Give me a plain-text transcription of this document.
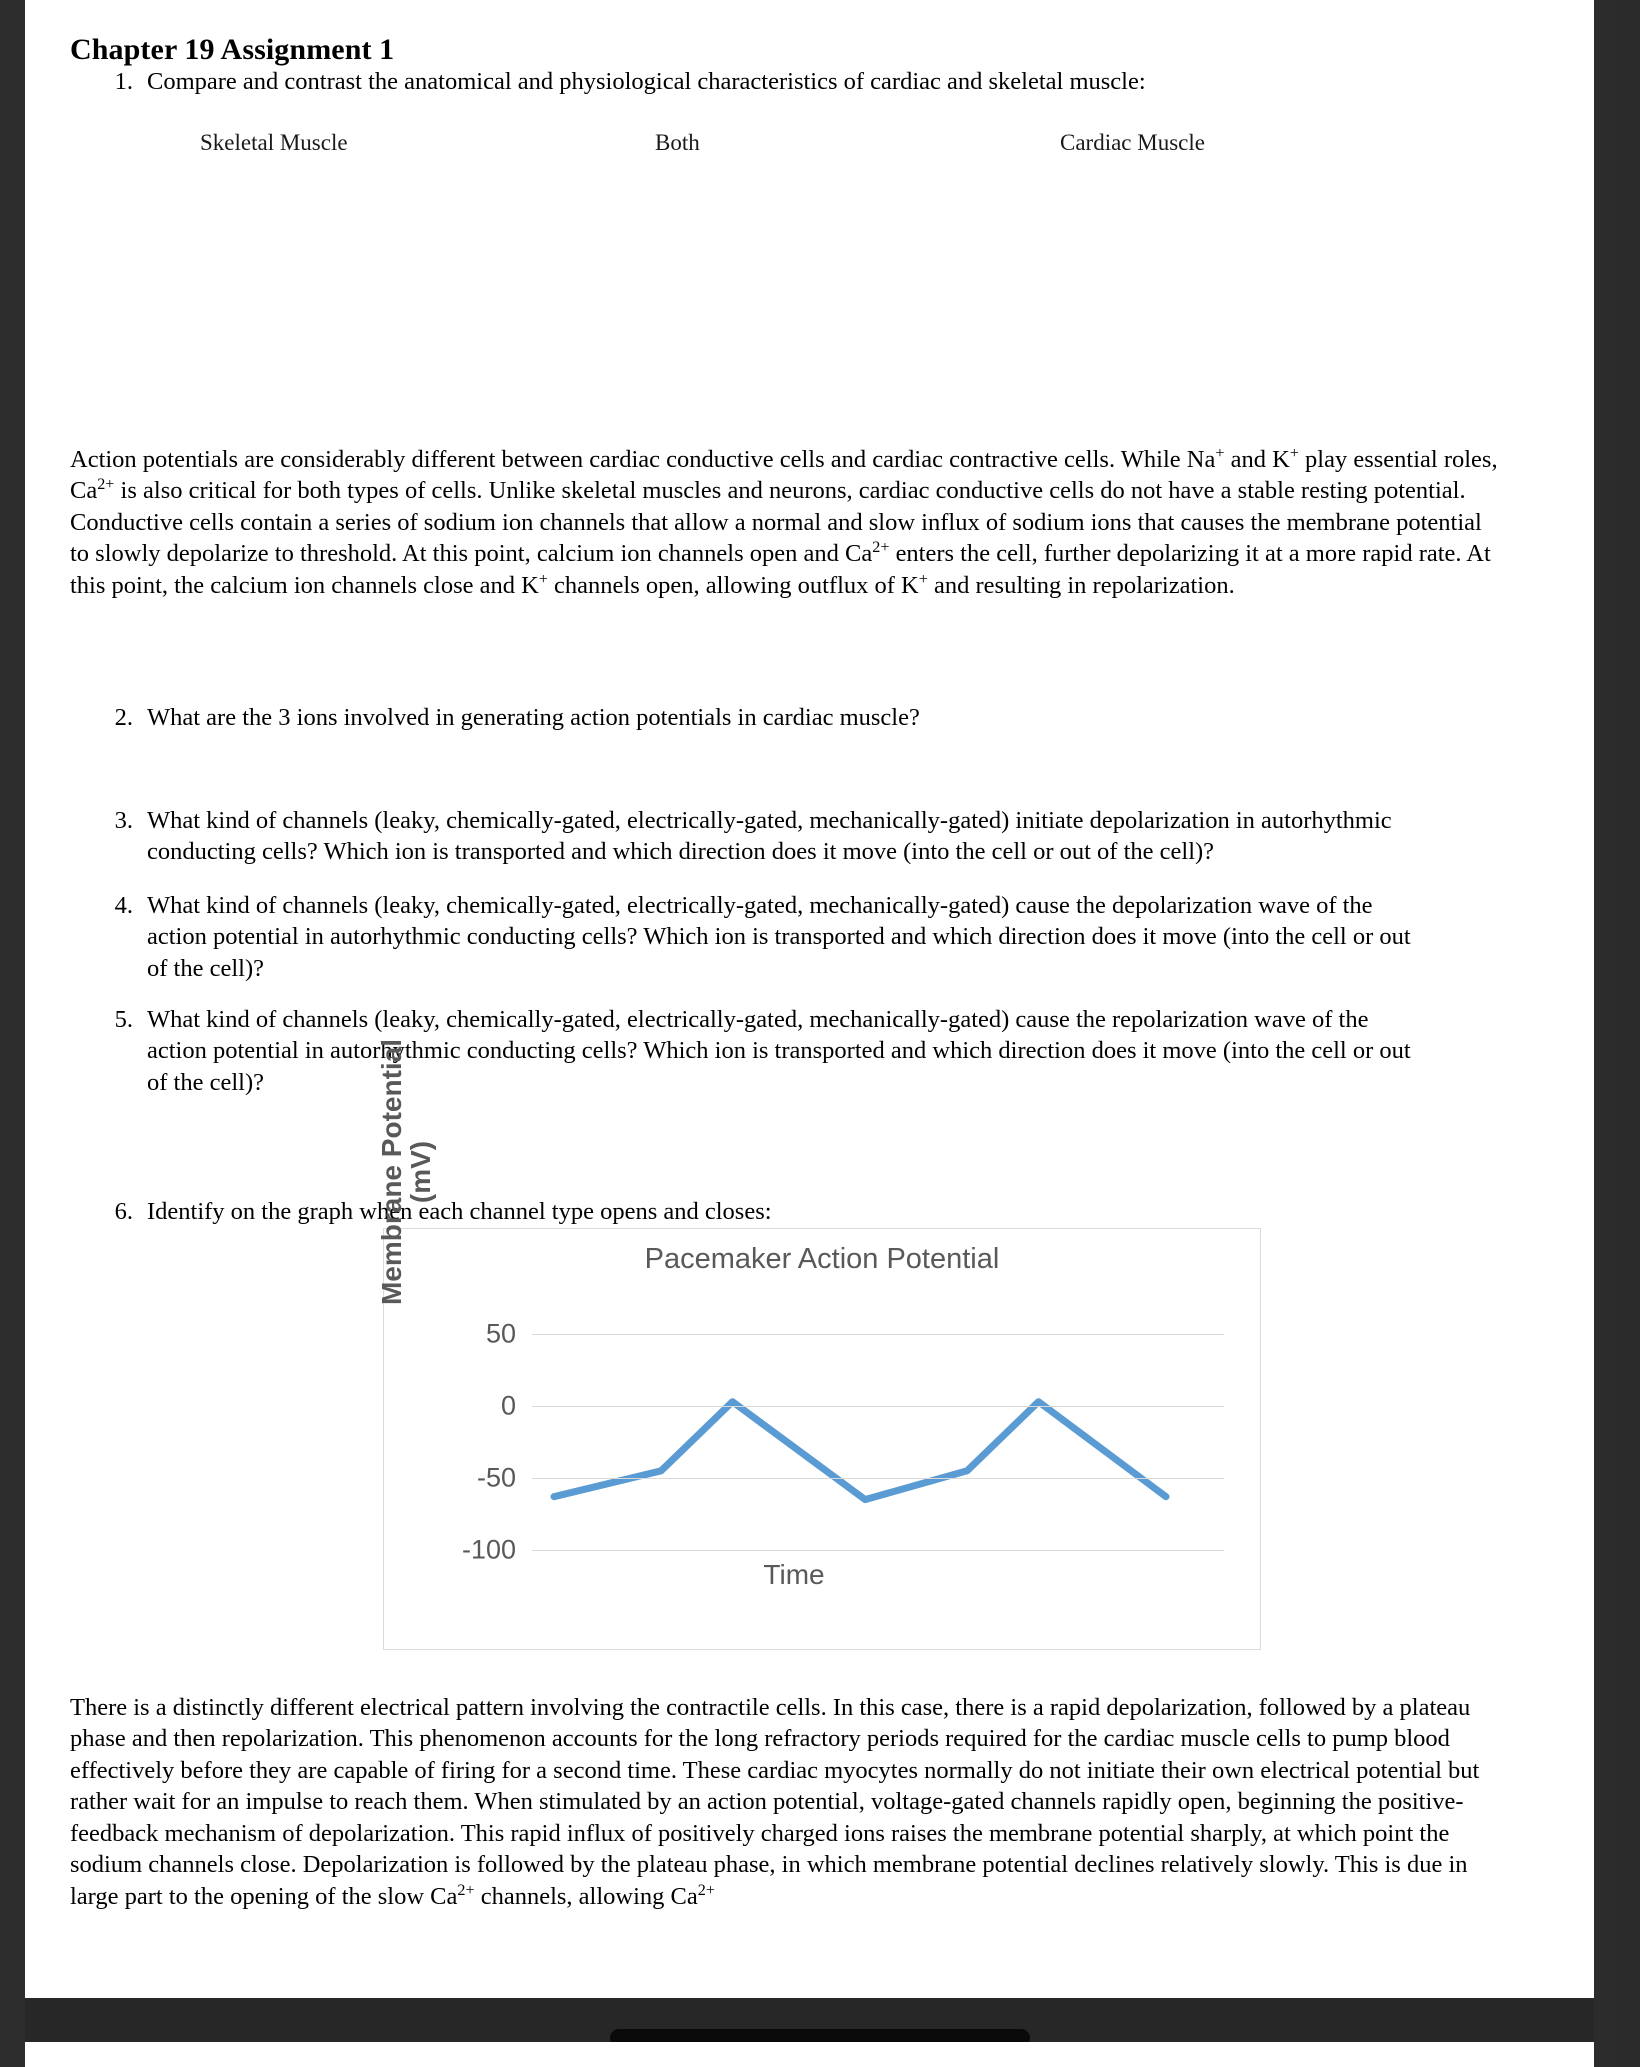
Chapter 19 Assignment 1
1. Compare and contrast the anatomical and physiological characteristics of cardiac and skeletal muscle:
Skeletal Muscle	Both	Cardiac Muscle
Action potentials are considerably different between cardiac conductive cells and cardiac contractive cells. While Na+ and K+ play essential roles, $Ca^{2+}$ is also critical for both types of cells. Unlike skeletal muscles and neurons, cardiac conductive cells do not have a stable resting potential. Conductive cells contain a series of sodium ion channels that allow a normal and slow influx of sodium ions that causes the membrane potential to slowly depolarize to threshold. At this point, calcium ion channels open and $Ca^{2+}$ enters the cell, further depolarizing it at a more rapid rate. At this point, the calcium ion channels close and K+ channels open, allowing outflux of K+ and resulting in repolarization.
2. What are the 3 ions involved in generating action potentials in cardiac muscle?
3. What kind of channels (leaky, chemically-gated, electrically-gated, mechanically-gated) initiate depolarization in autorhythmic conducting cells? Which ion is transported and which direction does it move (into the cell or out of the cell)?
4. What kind of channels (leaky, chemically-gated, electrically-gated, mechanically-gated) cause the depolarization wave of the action potential in autorhythmic conducting cells? Which ion is transported and which direction does it move (into the cell or out of the cell)?
5. What kind of channels (leaky, chemically-gated, electrically-gated, mechanically-gated) cause the repolarization wave of the action potential in autorhythmic conducting cells? Which ion is transported and which direction does it move (into the cell or out of the cell)?
6. Identify on the graph when each channel type opens and closes:
Pacemaker Action Potential
Membrane Potential
(mV)
50
0
-50
-100
Time
There is a distinctly different electrical pattern involving the contractile cells. In this case, there is a rapid depolarization, followed by a plateau phase and then repolarization. This phenomenon accounts for the long refractory periods required for the cardiac muscle cells to pump blood effectively before they are capable of firing for a second time. These cardiac myocytes normally do not initiate their own electrical potential but rather wait for an impulse to reach them. When stimulated by an action potential, voltage-gated channels rapidly open, beginning the positive-feedback mechanism of depolarization. This rapid influx of positively charged ions raises the membrane potential sharply, at which point the sodium channels close. Depolarization is followed by the plateau phase, in which membrane potential declines relatively slowly. This is due in large part to the opening of the slow $Ca^{2+}$ channels, allowing $Ca^{2+}$
